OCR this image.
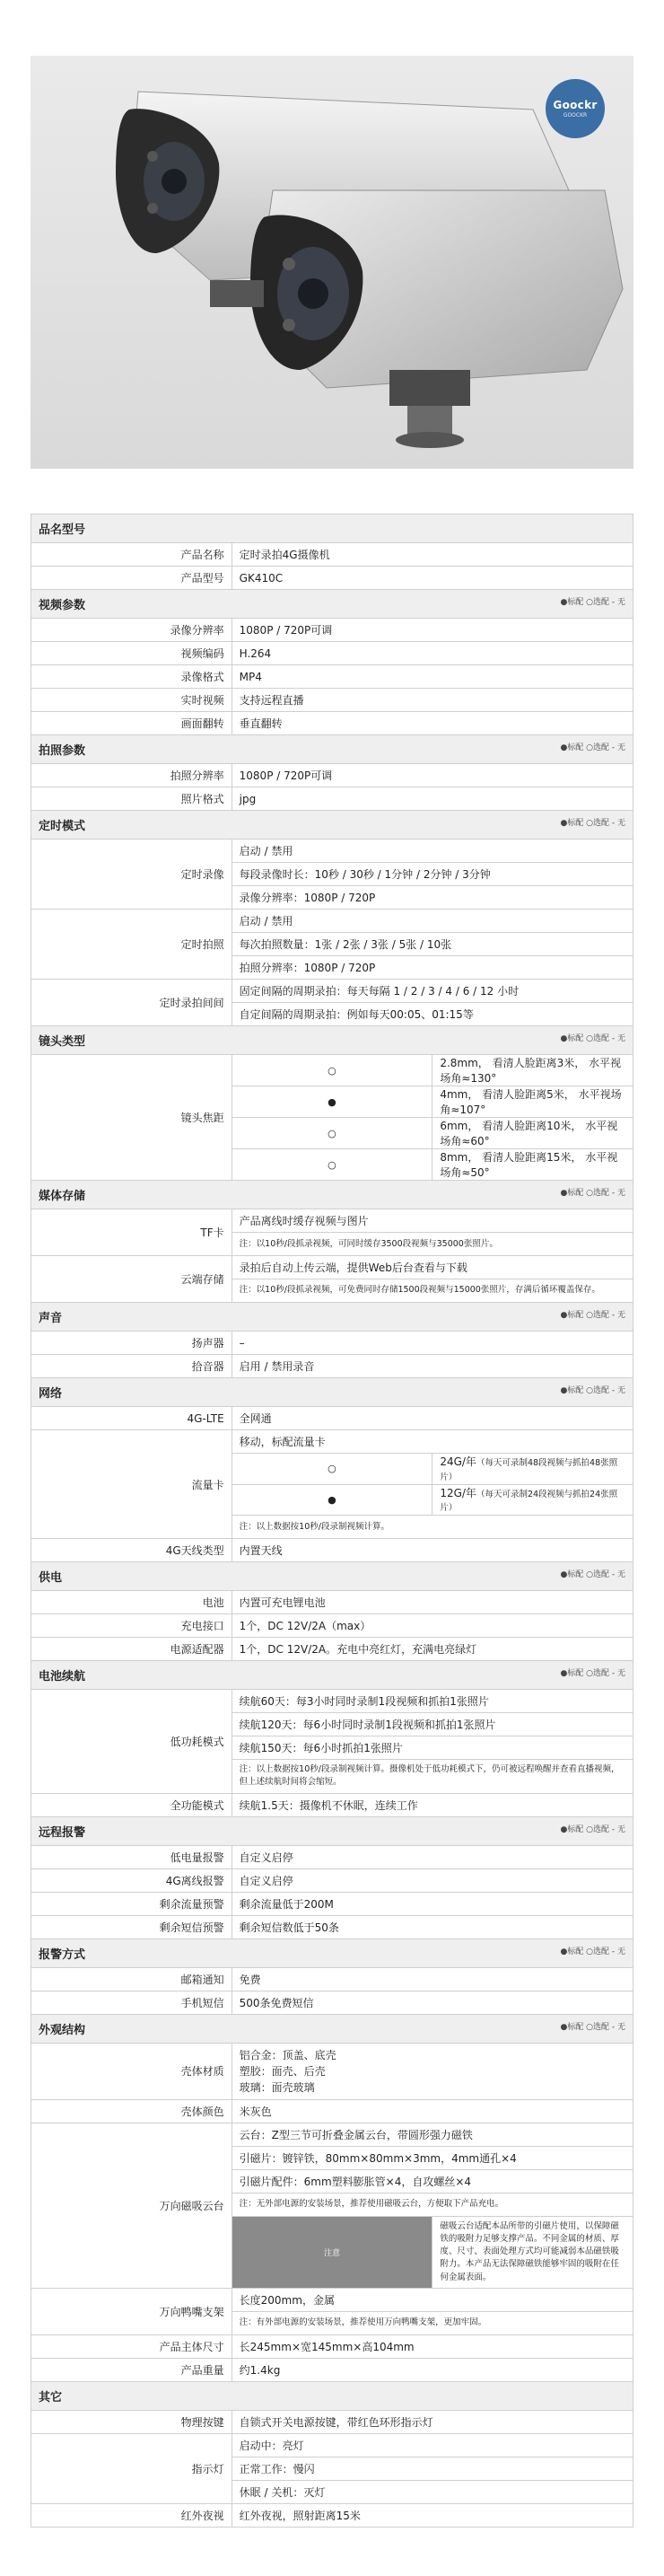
Goockr
GOOCKR
品名型号		
产品名称	定时录拍4G摄像机	
产品型号	GK410C	
视频参数 ●标配 ○选配 - 无		

录像分辨率	1080P / 720P可调	
视频编码	H.264	
录像格式	MP4	
实时视频	支持远程直播	
画面翻转	垂直翻转	
拍照参数 ●标配 ○选配 - 无		

拍照分辨率	1080P / 720P可调	
照片格式	jpg	
定时模式 ●标配 ○选配 - 无		

定时录像	启动 / 禁用	
	每段录像时长：10秒 / 30秒 / 1分钟 / 2分钟 / 3分钟	
	录像分辨率：1080P / 720P	
定时拍照	启动 / 禁用	
	每次拍照数量：1张 / 2张 / 3张 / 5张 / 10张	
	拍照分辨率：1080P / 720P	
定时录拍间间	固定间隔的周期录拍：每天每隔 1 / 2 / 3 / 4 / 6 / 12 小时	
	自定间隔的周期录拍：例如每天00:05、01:15等	
镜头类型 ●标配 ○选配 - 无		

镜头焦距	○	2.8mm， 看清人脸距离3米， 水平视场角≈130°
	●	4mm， 看清人脸距离5米， 水平视场角≈107°
	○	6mm， 看清人脸距离10米， 水平视场角≈60°
	○	8mm， 看清人脸距离15米， 水平视场角≈50°
媒体存储 ●标配 ○选配 - 无		

TF卡	产品离线时缓存视频与图片	
	注：以10秒/段抓录视频，可同时缓存3500段视频与35000张照片。	
云端存储	录拍后自动上传云端，提供Web后台查看与下载	
	注：以10秒/段抓录视频，可免费同时存储1500段视频与15000张照片，存满后循环覆盖保存。	
声音 ●标配 ○选配 - 无		

扬声器	–	
拾音器	启用 / 禁用录音	
网络 ●标配 ○选配 - 无		

4G-LTE	全网通	
流量卡	移动，标配流量卡	
	○	24G/年（每天可录制48段视频与抓拍48张照片）
	●	12G/年（每天可录制24段视频与抓拍24张照片）
	注：以上数据按10秒/段录制视频计算。	
4G天线类型	内置天线	
供电 ●标配 ○选配 - 无		

电池	内置可充电锂电池	
充电接口	1个，DC 12V/2A（max）	
电源适配器	1个，DC 12V/2A。充电中亮红灯，充满电亮绿灯	
电池续航 ●标配 ○选配 - 无		

低功耗模式	续航60天：每3小时同时录制1段视频和抓拍1张照片	
	续航120天：每6小时同时录制1段视频和抓拍1张照片	
	续航150天：每6小时抓拍1张照片	
	注：以上数据按10秒/段录制视频计算。摄像机处于低功耗模式下，仍可被远程唤醒并查看直播视频，但上述续航时间将会缩短。	
全功能模式	续航1.5天：摄像机不休眠，连续工作	
远程报警 ●标配 ○选配 - 无		

低电量报警	自定义启停	
4G离线报警	自定义启停	
剩余流量预警	剩余流量低于200M	
剩余短信预警	剩余短信数低于50条	
报警方式 ●标配 ○选配 - 无		

邮箱通知	免费	
手机短信	500条免费短信	
外观结构 ●标配 ○选配 - 无		

壳体材质	铝合金：顶盖、底壳
塑胶：面壳、后壳
玻璃：面壳玻璃	

壳体颜色	米灰色	
万向磁吸云台	云台：Z型三节可折叠金属云台，带圆形强力磁铁	
	引磁片：镀锌铁，80mm×80mm×3mm，4mm通孔×4	
	引磁片配件：6mm塑料膨胀管×4，自攻螺丝×4	
	注：无外部电源的安装场景，推荐使用磁吸云台，方便取下产品充电。	
	注意	磁吸云台适配本品所带的引磁片使用，以保障磁铁的吸附力足够支撑产品。不同金属的材质、厚度、尺寸、表面处理方式均可能减弱本品磁铁吸附力。本产品无法保障磁铁能够牢固的吸附在任何金属表面。
万向鸭嘴支架	长度200mm，金属	
	注：有外部电源的安装场景，推荐使用万向鸭嘴支架，更加牢固。	
产品主体尺寸	长245mm×宽145mm×高104mm	
产品重量	约1.4kg	
其它		
物理按键	自锁式开关电源按键，带红色环形指示灯	
指示灯	启动中：亮灯	
	正常工作：慢闪	
	休眠 / 关机：灭灯	
红外夜视	红外夜视，照射距离15米	
